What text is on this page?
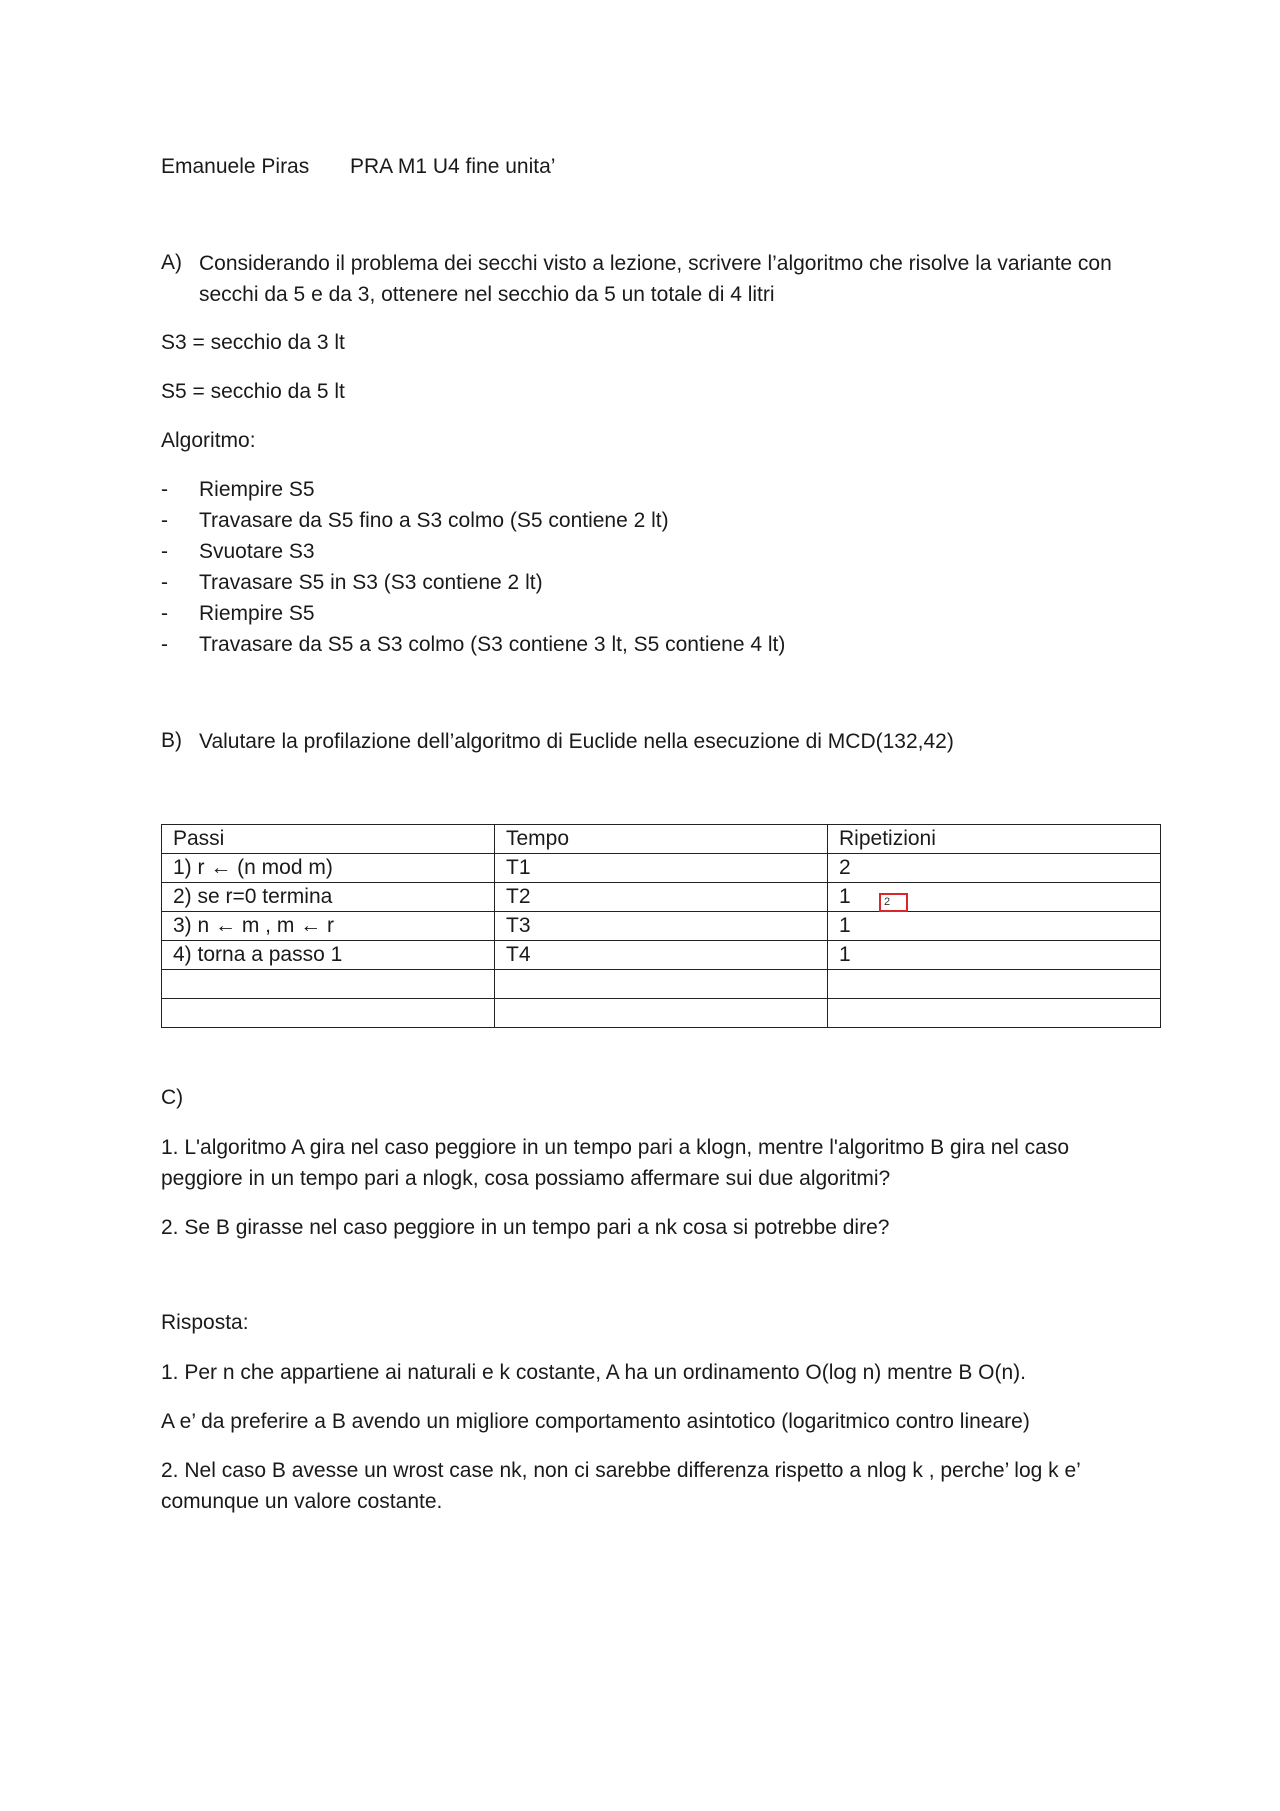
Emanuele Piras PRA M1 U4 fine unita’
A) Considerando il problema dei secchi visto a lezione, scrivere l’algoritmo che risolve la variante con
secchi da 5 e da 3, ottenere nel secchio da 5 un totale di 4 litri
S3 = secchio da 3 lt
S5 = secchio da 5 lt
Algoritmo:
- Riempire S5
- Travasare da S5 fino a S3 colmo (S5 contiene 2 lt)
- Svuotare S3
- Travasare S5 in S3 (S3 contiene 2 lt)
- Riempire S5
- Travasare da S5 a S3 colmo (S3 contiene 3 lt, S5 contiene 4 lt)
B) Valutare la profilazione dell’algoritmo di Euclide nella esecuzione di MCD(132,42)
Passi	Tempo	Ripetizioni
1) r ← (n mod m)	T1	2
2) se r=0 termina	T2	1
3) n ← m , m ← r	T3	1
4) torna a passo 1	T4	1

2
C)
1. L'algoritmo A gira nel caso peggiore in un tempo pari a klogn, mentre l'algoritmo B gira nel caso
peggiore in un tempo pari a nlogk, cosa possiamo affermare sui due algoritmi?
2. Se B girasse nel caso peggiore in un tempo pari a nk cosa si potrebbe dire?
Risposta:
1. Per n che appartiene ai naturali e k costante, A ha un ordinamento O(log n) mentre B O(n).
A e’ da preferire a B avendo un migliore comportamento asintotico (logaritmico contro lineare)
2. Nel caso B avesse un wrost case nk, non ci sarebbe differenza rispetto a nlog k , perche’ log k e’
comunque un valore costante.
